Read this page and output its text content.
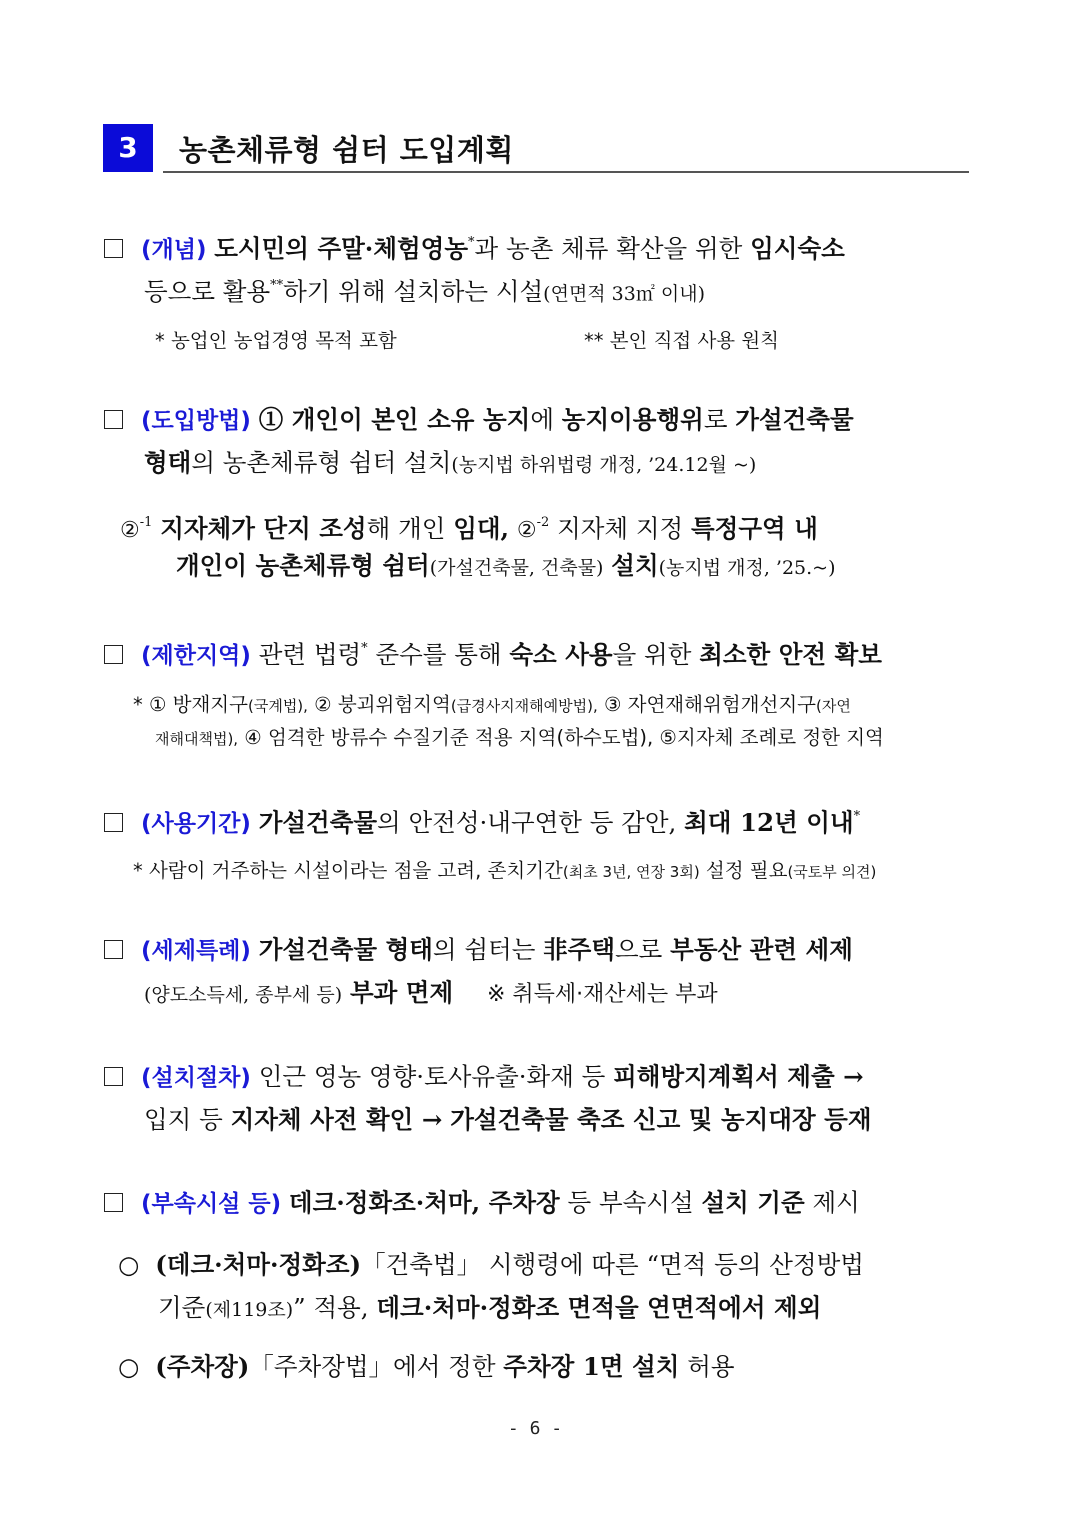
3	농촌체류형 쉼터 도입계획
(개념) 도시민의 주말·체험영농*과 농촌 체류 확산을 위한 임시숙소
등으로 활용**하기 위해 설치하는 시설(연면적 33㎡ 이내)
* 농업인 농업경영 목적 포함	** 본인 직접 사용 원칙
(도입방법) ① 개인이 본인 소유 농지에 농지이용행위로 가설건축물
형태의 농촌체류형 쉼터 설치(농지법 하위법령 개정, ’24.12월 ~)
②$^{-1}$ 지자체가 단지 조성해 개인 임대, ②$^{-2}$ 지자체 지정 특정구역 내
개인이 농촌체류형 쉼터(가설건축물, 건축물) 설치(농지법 개정, ’25.~)
(제한지역) 관련 법령* 준수를 통해 숙소 사용을 위한 최소한 안전 확보
* ① 방재지구(국계법), ② 붕괴위험지역(급경사지재해예방법), ③ 자연재해위험개선지구(자연
재해대책법), ④ 엄격한 방류수 수질기준 적용 지역(하수도법), ⑤지자체 조례로 정한 지역
(사용기간) 가설건축물의 안전성·내구연한 등 감안, 최대 12년 이내*
* 사람이 거주하는 시설이라는 점을 고려, 존치기간(최초 3년, 연장 3회) 설정 필요(국토부 의견)
(세제특례) 가설건축물 형태의 쉼터는 非주택으로 부동산 관련 세제
(양도소득세, 종부세 등) 부과 면제 ※ 취득세·재산세는 부과
(설치절차) 인근 영농 영향·토사유출·화재 등 피해방지계획서 제출 →
입지 등 지자체 사전 확인 → 가설건축물 축조 신고 및 농지대장 등재
(부속시설 등) 데크·정화조·처마, 주차장 등 부속시설 설치 기준 제시
○ (데크·처마·정화조)「건축법」 시행령에 따른 “면적 등의 산정방법
기준(제119조)” 적용, 데크·처마·정화조 면적을 연면적에서 제외
○ (주차장)「주차장법」에서 정한 주차장 1면 설치 허용
- 6 -
